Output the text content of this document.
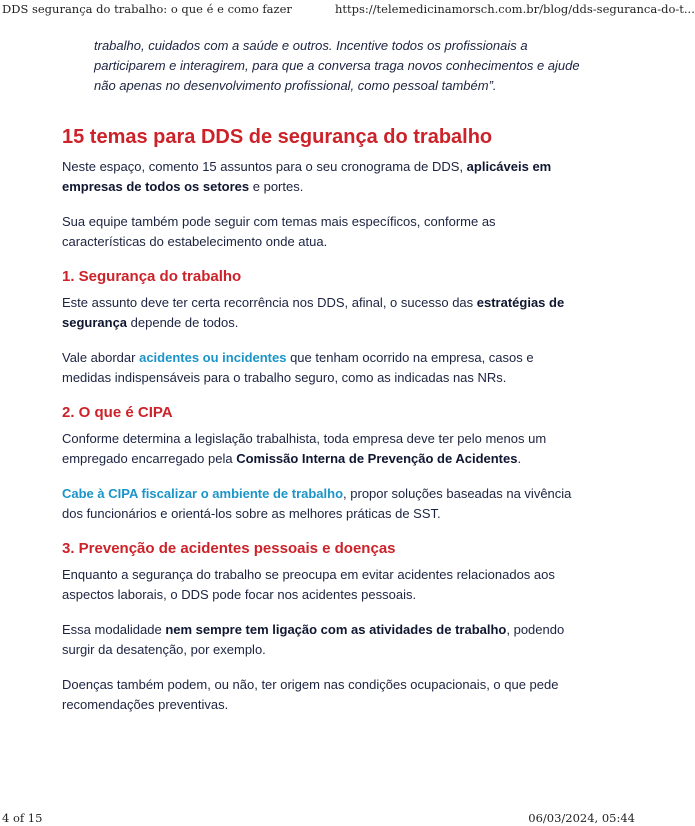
DDS segurança do trabalho: o que é e como fazer	https://telemedicinamorsch.com.br/blog/dds-seguranca-do-t...

trabalho, cuidados com a saúde e outros. Incentive todos os profissionais a participarem e interagirem, para que a conversa traga novos conhecimentos e ajude não apenas no desenvolvimento profissional, como pessoal também”.

15 temas para DDS de segurança do trabalho

Neste espaço, comento 15 assuntos para o seu cronograma de DDS, aplicáveis em empresas de todos os setores e portes.

Sua equipe também pode seguir com temas mais específicos, conforme as características do estabelecimento onde atua.

1. Segurança do trabalho

Este assunto deve ter certa recorrência nos DDS, afinal, o sucesso das estratégias de segurança depende de todos.

Vale abordar acidentes ou incidentes que tenham ocorrido na empresa, casos e medidas indispensáveis para o trabalho seguro, como as indicadas nas NRs.

2. O que é CIPA

Conforme determina a legislação trabalhista, toda empresa deve ter pelo menos um empregado encarregado pela Comissão Interna de Prevenção de Acidentes.

Cabe à CIPA fiscalizar o ambiente de trabalho, propor soluções baseadas na vivência dos funcionários e orientá-los sobre as melhores práticas de SST.

3. Prevenção de acidentes pessoais e doenças

Enquanto a segurança do trabalho se preocupa em evitar acidentes relacionados aos aspectos laborais, o DDS pode focar nos acidentes pessoais.

Essa modalidade nem sempre tem ligação com as atividades de trabalho, podendo surgir da desatenção, por exemplo.

Doenças também podem, ou não, ter origem nas condições ocupacionais, o que pede recomendações preventivas.

4 of 15	06/03/2024, 05:44
